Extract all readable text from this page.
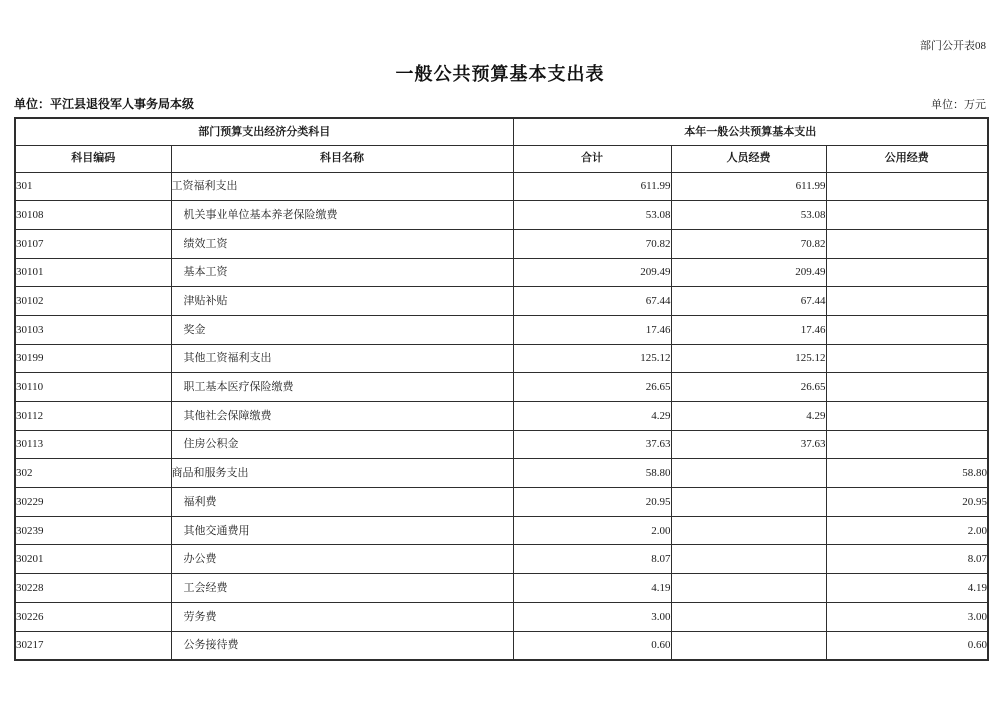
部门公开表08
一般公共预算基本支出表
单位：平江县退役军人事务局本级	单位：万元
部门预算支出经济分类科目		本年一般公共预算基本支出		
科目编码	科目名称	合计	人员经费	公用经费
301	工资福利支出	611.99	611.99	
30108	机关事业单位基本养老保险缴费	53.08	53.08	
30107	绩效工资	70.82	70.82	
30101	基本工资	209.49	209.49	
30102	津贴补贴	67.44	67.44	
30103	奖金	17.46	17.46	
30199	其他工资福利支出	125.12	125.12	
30110	职工基本医疗保险缴费	26.65	26.65	
30112	其他社会保障缴费	4.29	4.29	
30113	住房公积金	37.63	37.63	
302	商品和服务支出	58.80		58.80
30229	福利费	20.95		20.95
30239	其他交通费用	2.00		2.00
30201	办公费	8.07		8.07
30228	工会经费	4.19		4.19
30226	劳务费	3.00		3.00
30217	公务接待费	0.60		0.60
